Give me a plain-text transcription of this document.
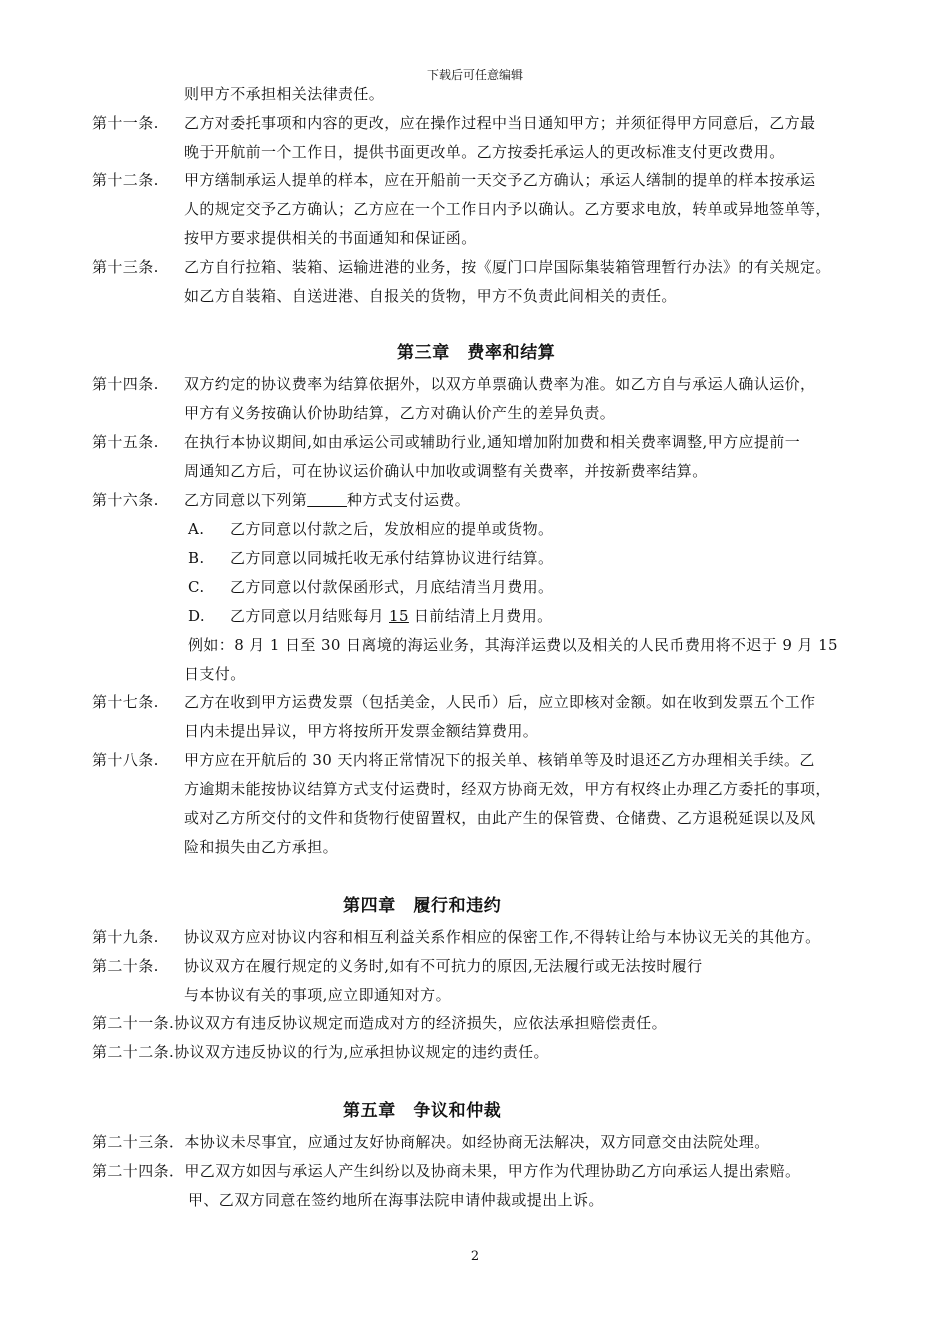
下载后可任意编辑
则甲方不承担相关法律责任。
第十一条. 乙方对委托事项和内容的更改，应在操作过程中当日通知甲方；并须征得甲方同意后，乙方最
晚于开航前一个工作日，提供书面更改单。乙方按委托承运人的更改标准支付更改费用。
第十二条. 甲方缮制承运人提单的样本，应在开船前一天交予乙方确认；承运人缮制的提单的样本按承运
人的规定交予乙方确认；乙方应在一个工作日内予以确认。乙方要求电放，转单或异地签单等，
按甲方要求提供相关的书面通知和保证函。
第十三条. 乙方自行拉箱、装箱、运输进港的业务，按《厦门口岸国际集装箱管理暂行办法》的有关规定。
如乙方自装箱、自送进港、自报关的货物，甲方不负责此间相关的责任。
第三章　费率和结算
第十四条. 双方约定的协议费率为结算依据外，以双方单票确认费率为准。如乙方自与承运人确认运价，
甲方有义务按确认价协助结算，乙方对确认价产生的差异负责。
第十五条. 在执行本协议期间,如由承运公司或辅助行业,通知增加附加费和相关费率调整,甲方应提前一
周通知乙方后，可在协议运价确认中加收或调整有关费率，并按新费率结算。
第十六条. 乙方同意以下列第    	种方式支付运费。
A. 乙方同意以付款之后，发放相应的提单或货物。
B. 乙方同意以同城托收无承付结算协议进行结算。
C. 乙方同意以付款保函形式，月底结清当月费用。
D. 乙方同意以月结账每月 15 日前结清上月费用。
例如：8 月 1 日至 30 日离境的海运业务，其海洋运费以及相关的人民币费用将不迟于 9 月 15
日支付。
第十七条. 乙方在收到甲方运费发票（包括美金，人民币）后，应立即核对金额。如在收到发票五个工作
日内未提出异议，甲方将按所开发票金额结算费用。
第十八条. 甲方应在开航后的 30 天内将正常情况下的报关单、核销单等及时退还乙方办理相关手续。乙
方逾期未能按协议结算方式支付运费时，经双方协商无效，甲方有权终止办理乙方委托的事项，
或对乙方所交付的文件和货物行使留置权，由此产生的保管费、仓储费、乙方退税延误以及风
险和损失由乙方承担。
第四章　履行和违约
第十九条. 协议双方应对协议内容和相互利益关系作相应的保密工作,不得转让给与本协议无关的其他方。
第二十条. 协议双方在履行规定的义务时,如有不可抗力的原因,无法履行或无法按时履行
与本协议有关的事项,应立即通知对方。
第二十一条.协议双方有违反协议规定而造成对方的经济损失，应依法承担赔偿责任。
第二十二条.协议双方违反协议的行为,应承担协议规定的违约责任。
第五章　争议和仲裁
第二十三条．本协议未尽事宜，应通过友好协商解决。如经协商无法解决，双方同意交由法院处理。
第二十四条．甲乙双方如因与承运人产生纠纷以及协商未果，甲方作为代理协助乙方向承运人提出索赔。
甲、乙双方同意在签约地所在海事法院申请仲裁或提出上诉。
2
